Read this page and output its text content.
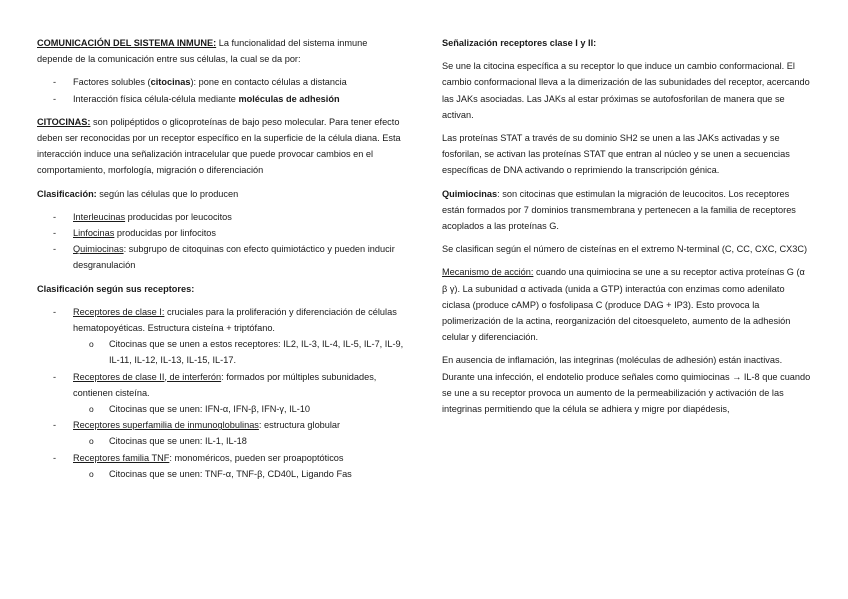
COMUNICACIÓN DEL SISTEMA INMUNE: La funcionalidad del sistema inmune depende de la comunicación entre sus células, la cual se da por:

- Factores solubles (citocinas): pone en contacto células a distancia
- Interacción física célula-célula mediante moléculas de adhesión

CITOCINAS: son polipéptidos o glicoproteínas de bajo peso molecular. Para tener efecto deben ser reconocidas por un receptor específico en la superficie de la célula diana. Esta interacción induce una señalización intracelular que puede provocar cambios en el comportamiento, morfología, migración o diferenciación

Clasificación: según las células que lo producen

- Interleucinas producidas por leucocitos
- Linfocinas producidas por linfocitos
- Quimiocinas: subgrupo de citoquinas con efecto quimiotáctico y pueden inducir desgranulación

Clasificación según sus receptores:

- Receptores de clase I: cruciales para la proliferación y diferenciación de células hematopoyéticas. Estructura cisteína + triptófano.
o Citocinas que se unen a estos receptores: IL2, IL-3, IL-4, IL-5, IL-7, IL-9, IL-11, IL-12, IL-13, IL-15, IL-17.
- Receptores de clase II, de interferón: formados por múltiples subunidades, contienen cisteína.
o Citocinas que se unen: IFN-α, IFN-β, IFN-γ, IL-10
- Receptores superfamilia de inmunoglobulinas: estructura globular
o Citocinas que se unen: IL-1, IL-18
- Receptores familia TNF: monoméricos, pueden ser proapoptóticos
o Citocinas que se unen: TNF-α, TNF-β, CD40L, Ligando Fas

Señalización receptores clase I y II:

Se une la citocina específica a su receptor lo que induce un cambio conformacional. El cambio conformacional lleva a la dimerización de las subunidades del receptor, acercando las JAKs asociadas. Las JAKs al estar próximas se autofosforilan de manera que se activan.

Las proteínas STAT a través de su dominio SH2 se unen a las JAKs activadas y se fosforilan, se activan las proteínas STAT que entran al núcleo y se unen a secuencias específicas de DNA activando o reprimiendo la transcripción génica.

Quimiocinas: son citocinas que estimulan la migración de leucocitos. Los receptores están formados por 7 dominios transmembrana y pertenecen a la familia de receptores acoplados a las proteínas G.

Se clasifican según el número de cisteínas en el extremo N-terminal (C, CC, CXC, CX3C)

Mecanismo de acción: cuando una quimiocina se une a su receptor activa proteínas G (α β γ). La subunidad α activada (unida a GTP) interactúa con enzimas como adenilato ciclasa (produce cAMP) o fosfolipasa C (produce DAG + IP3). Esto provoca la polimerización de la actina, reorganización del citoesqueleto, aumento de la adhesión celular y diferenciación.

En ausencia de inflamación, las integrinas (moléculas de adhesión) están inactivas. Durante una infección, el endotelio produce señales como quimiocinas → IL-8 que cuando se une a su receptor provoca un aumento de la permeabilización y activación de las integrinas permitiendo que la célula se adhiera y migre por diapédesis,
